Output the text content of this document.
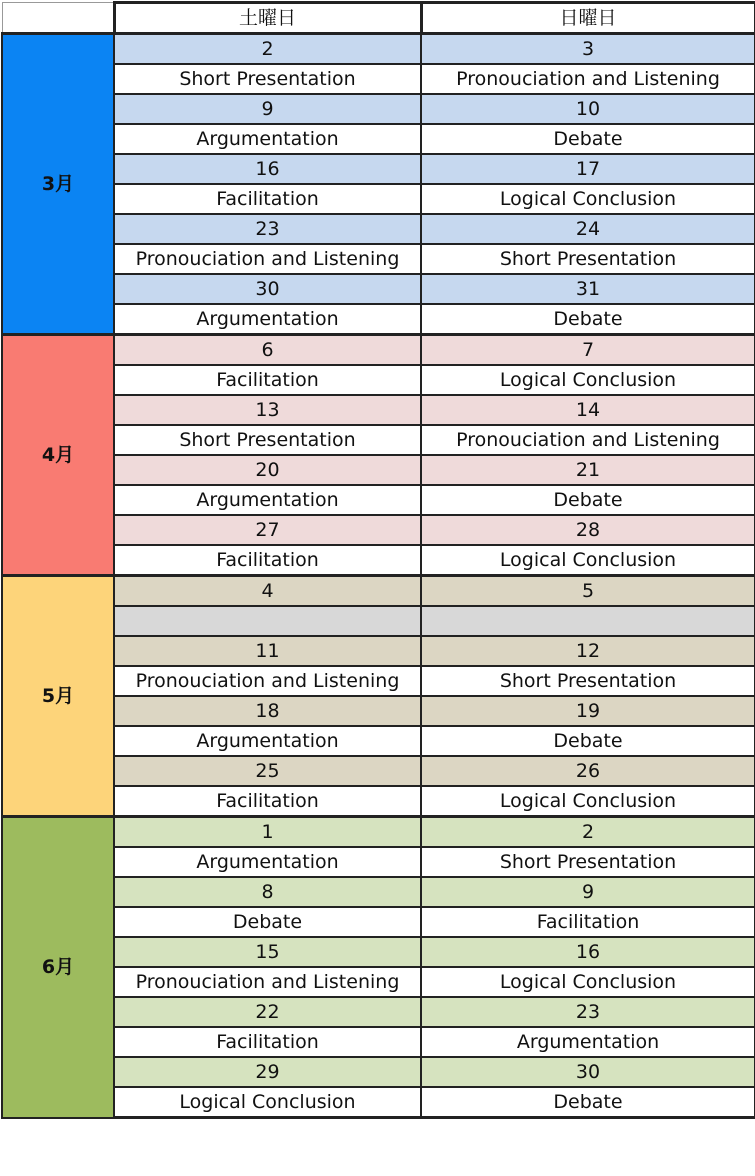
	土曜日	日曜日
3月	2	3
	Short Presentation	Pronouciation and Listening
	9	10
	Argumentation	Debate
	16	17
	Facilitation	Logical Conclusion
	23	24
	Pronouciation and Listening	Short Presentation
	30	31
	Argumentation	Debate
4月	6	7
	Facilitation	Logical Conclusion
	13	14
	Short Presentation	Pronouciation and Listening
	20	21
	Argumentation	Debate
	27	28
	Facilitation	Logical Conclusion
5月	4	5

	11	12
	Pronouciation and Listening	Short Presentation
	18	19
	Argumentation	Debate
	25	26
	Facilitation	Logical Conclusion
6月	1	2
	Argumentation	Short Presentation
	8	9
	Debate	Facilitation
	15	16
	Pronouciation and Listening	Logical Conclusion
	22	23
	Facilitation	Argumentation
	29	30
	Logical Conclusion	Debate
